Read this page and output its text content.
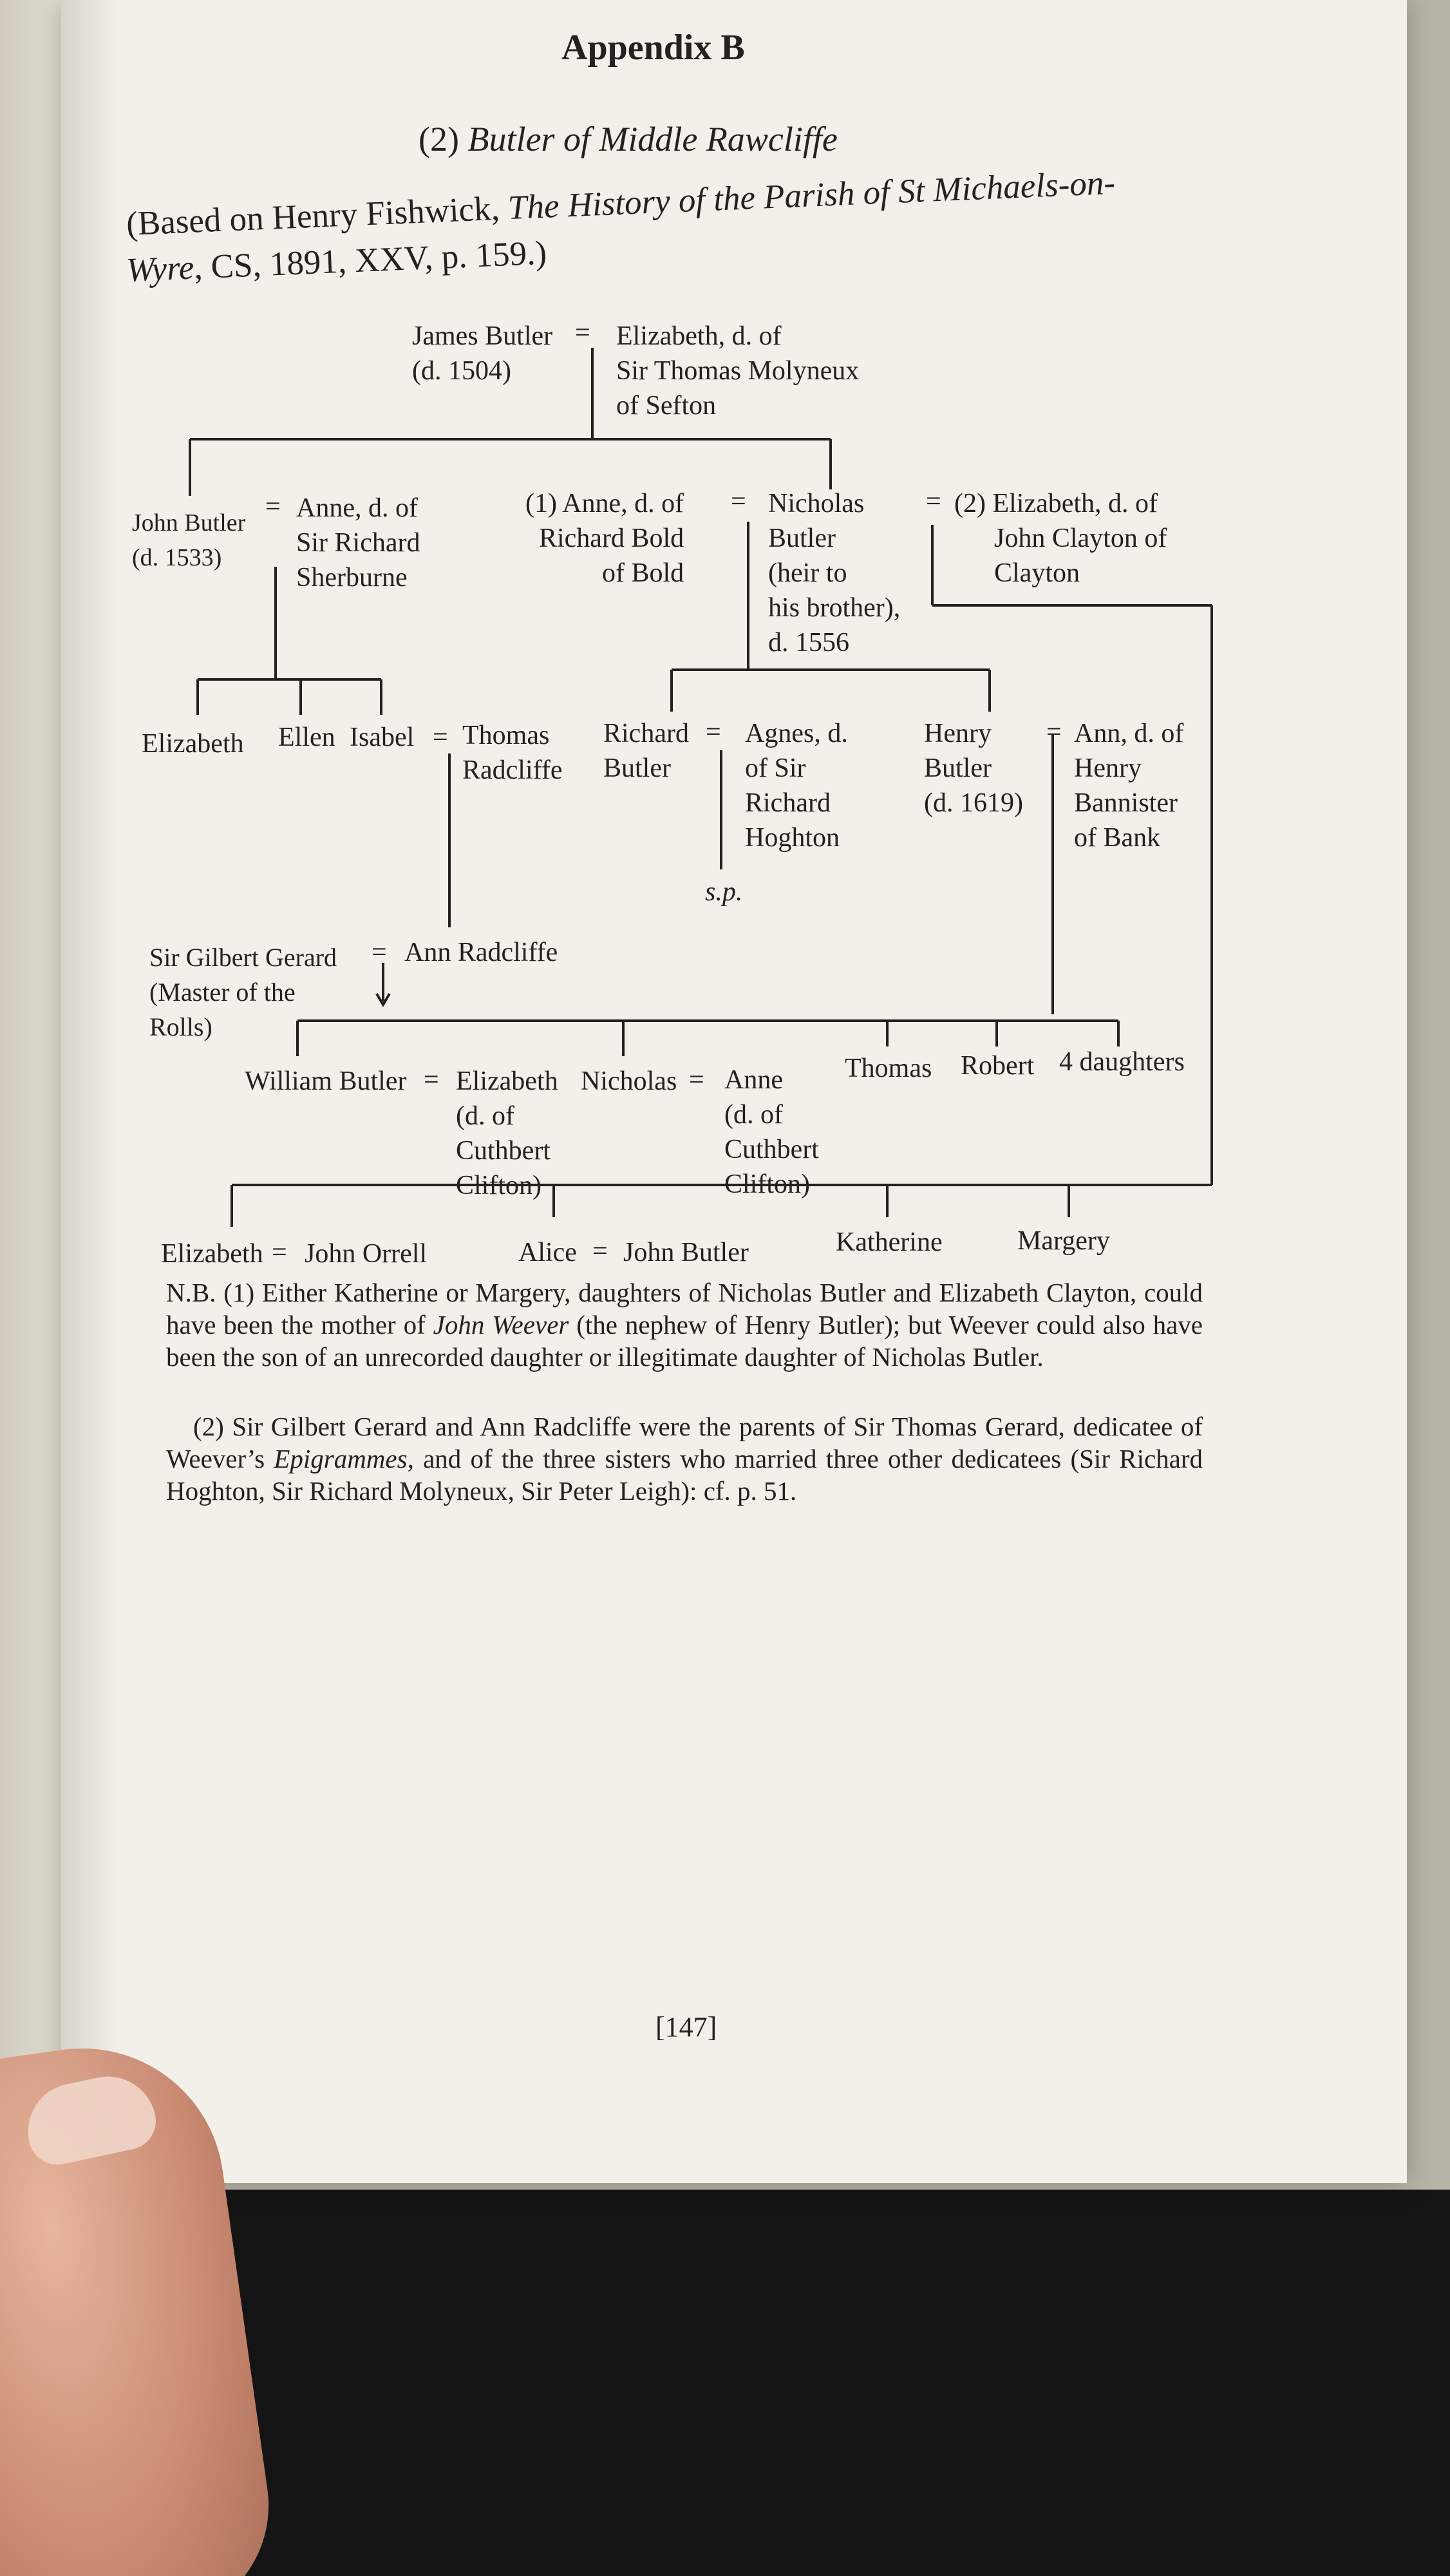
Appendix B
(2) Butler of Middle Rawcliffe
(Based on Henry Fishwick, The History of the Parish of St Michaels-on-
Wyre, CS, 1891, XXV, p. 159.)
James Butler
(d. 1504)
= Elizabeth, d. of
Sir Thomas Molyneux
of Sefton
John Butler
(d. 1533)
= Anne, d. of
Sir Richard
Sherburne
(1) Anne, d. of
Richard Bold
of Bold
= Nicholas
Butler
(heir to
his brother),
d. 1556
= (2) Elizabeth, d. of
John Clayton of
Clayton
Elizabeth Ellen Isabel = Thomas
Radcliffe
Richard
Butler
= Agnes, d.
of Sir
Richard
Hoghton
s.p.
Henry
Butler
(d. 1619)
= Ann, d. of
Henry
Bannister
of Bank
Sir Gilbert Gerard
(Master of the
Rolls)
= Ann Radcliffe
William Butler = Elizabeth
(d. of
Cuthbert
Clifton)
Nicholas = Anne
(d. of
Cuthbert
Clifton)
Thomas Robert 4 daughters
Elizabeth = John Orrell	Alice = John Butler	Katherine	Margery
N.B. (1) Either Katherine or Margery, daughters of Nicholas Butler and Elizabeth Clayton, could have been the mother of John Weever (the nephew of Henry Butler); but Weever could also have been the son of an unrecorded daughter or illegitimate daughter of Nicholas Butler.
(2) Sir Gilbert Gerard and Ann Radcliffe were the parents of Sir Thomas Gerard, dedicatee of Weever’s Epigrammes, and of the three sisters who married three other dedicatees (Sir Richard Hoghton, Sir Richard Molyneux, Sir Peter Leigh): cf. p. 51.
[147]
